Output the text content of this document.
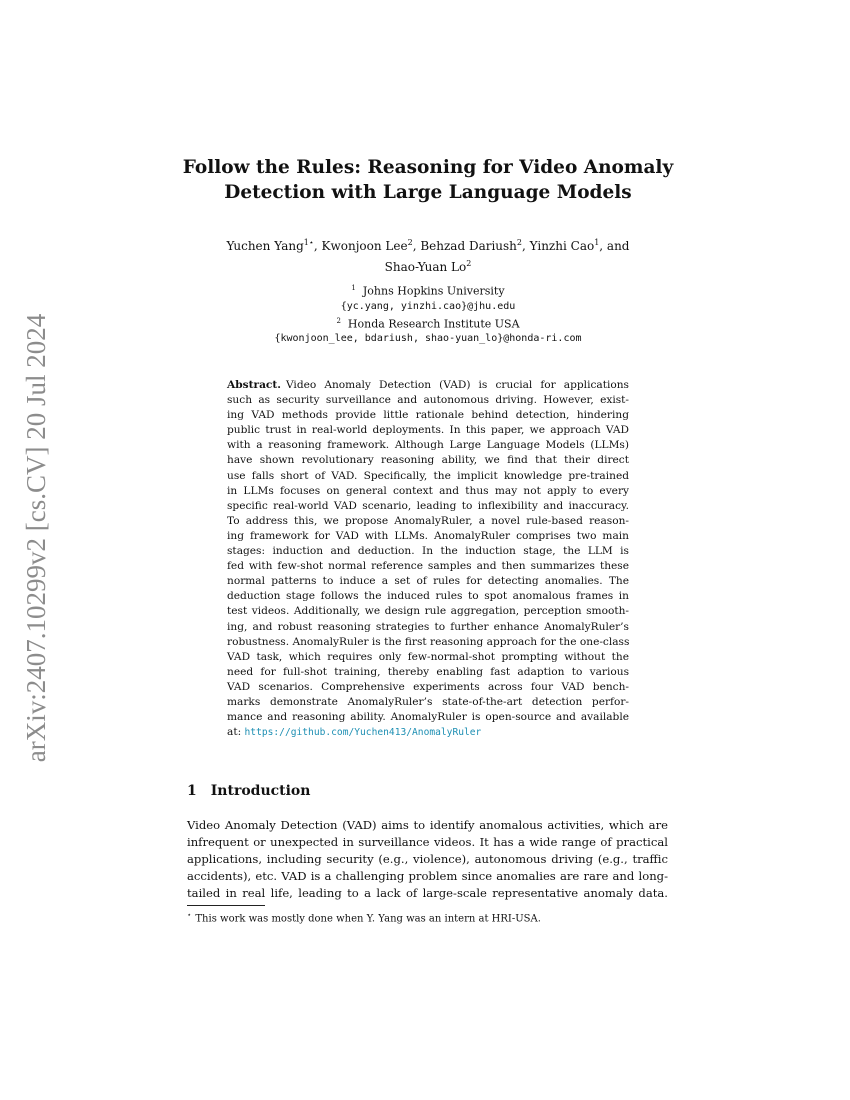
arXiv:2407.10299v2 [cs.CV] 20 Jul 2024
Follow the Rules: Reasoning for Video Anomaly
Detection with Large Language Models
Yuchen Yang$^{1⋆}$, Kwonjoon Lee$^2$, Behzad Dariush$^2$, Yinzhi Cao$^1$, and
Shao-Yuan Lo$^2$
$^1$ Johns Hopkins University
{yc.yang, yinzhi.cao}@jhu.edu
$^2$ Honda Research Institute USA
{kwonjoon_lee, bdariush, shao-yuan_lo}@honda-ri.com
Abstract. Video Anomaly Detection (VAD) is crucial for applications
such as security surveillance and autonomous driving. However, exist-
ing VAD methods provide little rationale behind detection, hindering
public trust in real-world deployments. In this paper, we approach VAD
with a reasoning framework. Although Large Language Models (LLMs)
have shown revolutionary reasoning ability, we find that their direct
use falls short of VAD. Specifically, the implicit knowledge pre-trained
in LLMs focuses on general context and thus may not apply to every
specific real-world VAD scenario, leading to inflexibility and inaccuracy.
To address this, we propose AnomalyRuler, a novel rule-based reason-
ing framework for VAD with LLMs. AnomalyRuler comprises two main
stages: induction and deduction. In the induction stage, the LLM is
fed with few-shot normal reference samples and then summarizes these
normal patterns to induce a set of rules for detecting anomalies. The
deduction stage follows the induced rules to spot anomalous frames in
test videos. Additionally, we design rule aggregation, perception smooth-
ing, and robust reasoning strategies to further enhance AnomalyRuler’s
robustness. AnomalyRuler is the first reasoning approach for the one-class
VAD task, which requires only few-normal-shot prompting without the
need for full-shot training, thereby enabling fast adaption to various
VAD scenarios. Comprehensive experiments across four VAD bench-
marks demonstrate AnomalyRuler’s state-of-the-art detection perfor-
mance and reasoning ability. AnomalyRuler is open-source and available
at: https://github.com/Yuchen413/AnomalyRuler
1 Introduction
Video Anomaly Detection (VAD) aims to identify anomalous activities, which are
infrequent or unexpected in surveillance videos. It has a wide range of practical
applications, including security (e.g., violence), autonomous driving (e.g., traffic
accidents), etc. VAD is a challenging problem since anomalies are rare and long-
tailed in real life, leading to a lack of large-scale representative anomaly data.
⋆ This work was mostly done when Y. Yang was an intern at HRI-USA.
